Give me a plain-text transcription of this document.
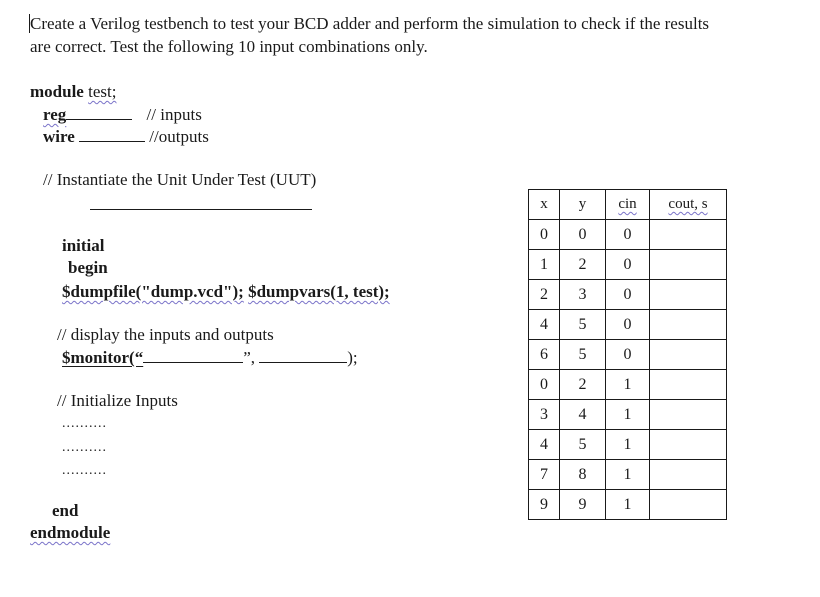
Create a Verilog testbench to test your BCD adder and perform the simulation to check if the results
are correct. Test the following 10 input combinations only.
module test;
reg	// inputs
wire	//outputs
// Instantiate the Unit Under Test (UUT)
initial
begin
$dumpfile("dump.vcd"); $dumpvars(1, test);
// display the inputs and outputs
$monitor(“	”,	);
// Initialize Inputs
..........
..........
..........
end
endmodule
x	y	cin	cout, s
0	0	0	
1	2	0	
2	3	0	
4	5	0	
6	5	0	
0	2	1	
3	4	1	
4	5	1	
7	8	1	
9	9	1	
